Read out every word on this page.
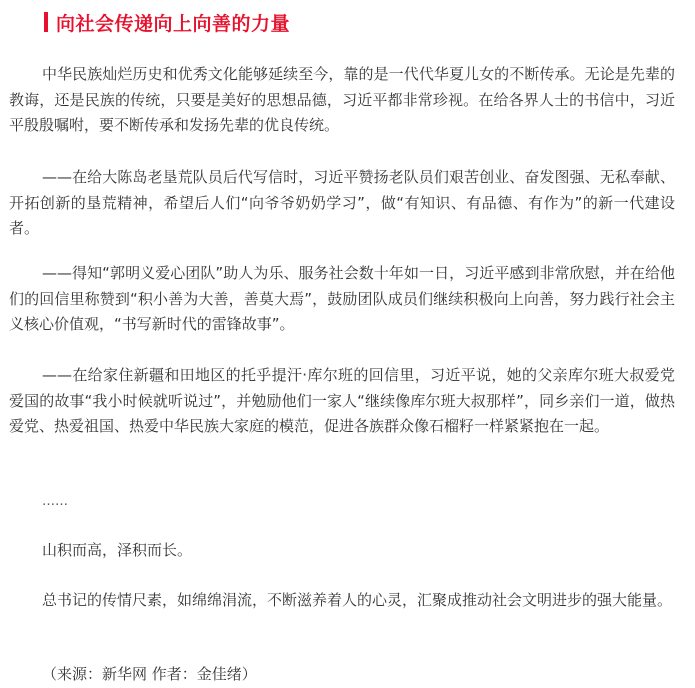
向社会传递向上向善的力量

中华民族灿烂历史和优秀文化能够延续至今，靠的是一代代华夏儿女的不断传承。无论是先辈的教诲，还是民族的传统，只要是美好的思想品德，习近平都非常珍视。在给各界人士的书信中，习近平殷殷嘱咐，要不断传承和发扬先辈的优良传统。

——在给大陈岛老垦荒队员后代写信时，习近平赞扬老队员们艰苦创业、奋发图强、无私奉献、开拓创新的垦荒精神，希望后人们“向爷爷奶奶学习”，做“有知识、有品德、有作为”的新一代建设者。

——得知“郭明义爱心团队”助人为乐、服务社会数十年如一日，习近平感到非常欣慰，并在给他们的回信里称赞到“积小善为大善，善莫大焉”，鼓励团队成员们继续积极向上向善，努力践行社会主义核心价值观，“书写新时代的雷锋故事”。

——在给家住新疆和田地区的托乎提汗·库尔班的回信里，习近平说，她的父亲库尔班大叔爱党爱国的故事“我小时候就听说过”，并勉励他们一家人“继续像库尔班大叔那样”，同乡亲们一道，做热爱党、热爱祖国、热爱中华民族大家庭的模范，促进各族群众像石榴籽一样紧紧抱在一起。

……

山积而高，泽积而长。

总书记的传情尺素，如绵绵涓流，不断滋养着人的心灵，汇聚成推动社会文明进步的强大能量。

（来源：新华网 作者：金佳绪）
